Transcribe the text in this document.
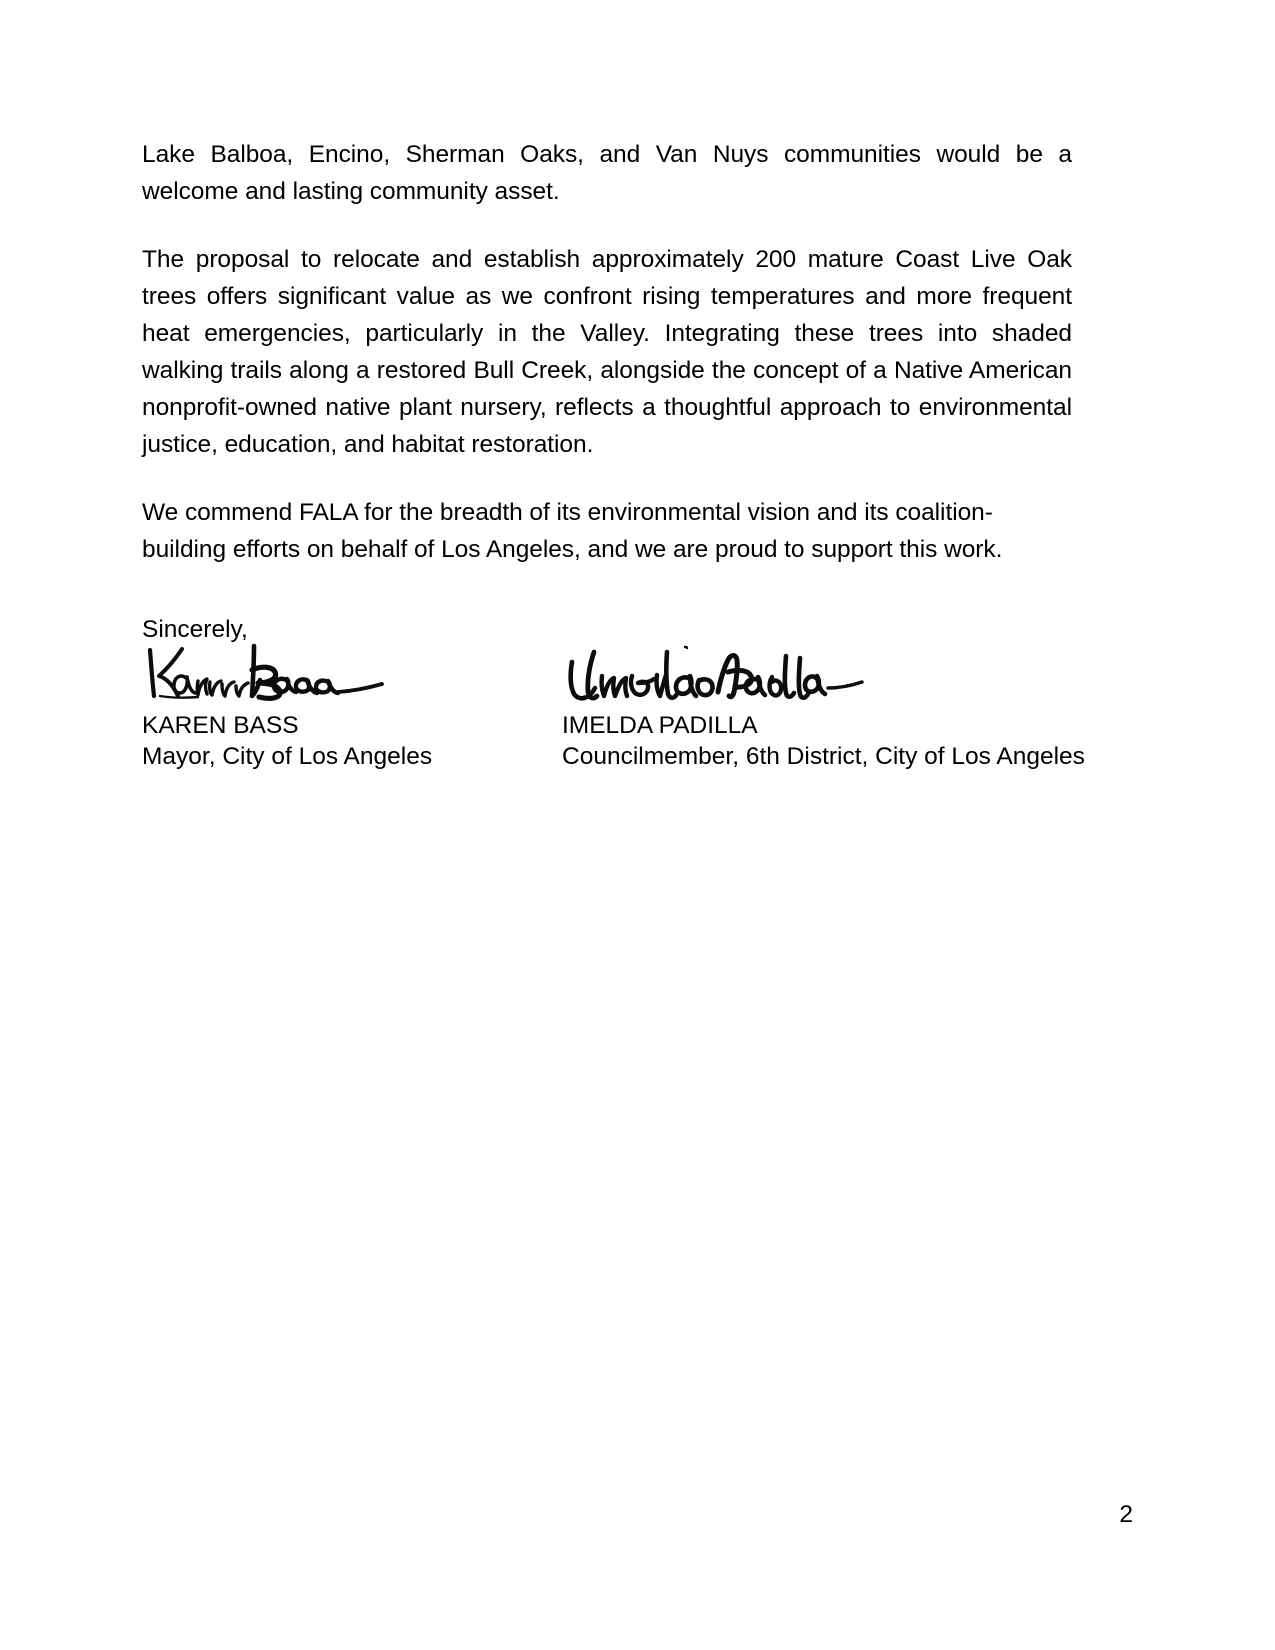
Lake Balboa, Encino, Sherman Oaks, and Van Nuys communities would be a welcome and lasting community asset.

The proposal to relocate and establish approximately 200 mature Coast Live Oak trees offers significant value as we confront rising temperatures and more frequent heat emergencies, particularly in the Valley. Integrating these trees into shaded walking trails along a restored Bull Creek, alongside the concept of a Native American nonprofit-owned native plant nursery, reflects a thoughtful approach to environmental justice, education, and habitat restoration.

We commend FALA for the breadth of its environmental vision and its coalition-building efforts on behalf of Los Angeles, and we are proud to support this work.

Sincerely,

KAREN BASS

Mayor, City of Los Angeles

IMELDA PADILLA

Councilmember, 6th District, City of Los Angeles

2
